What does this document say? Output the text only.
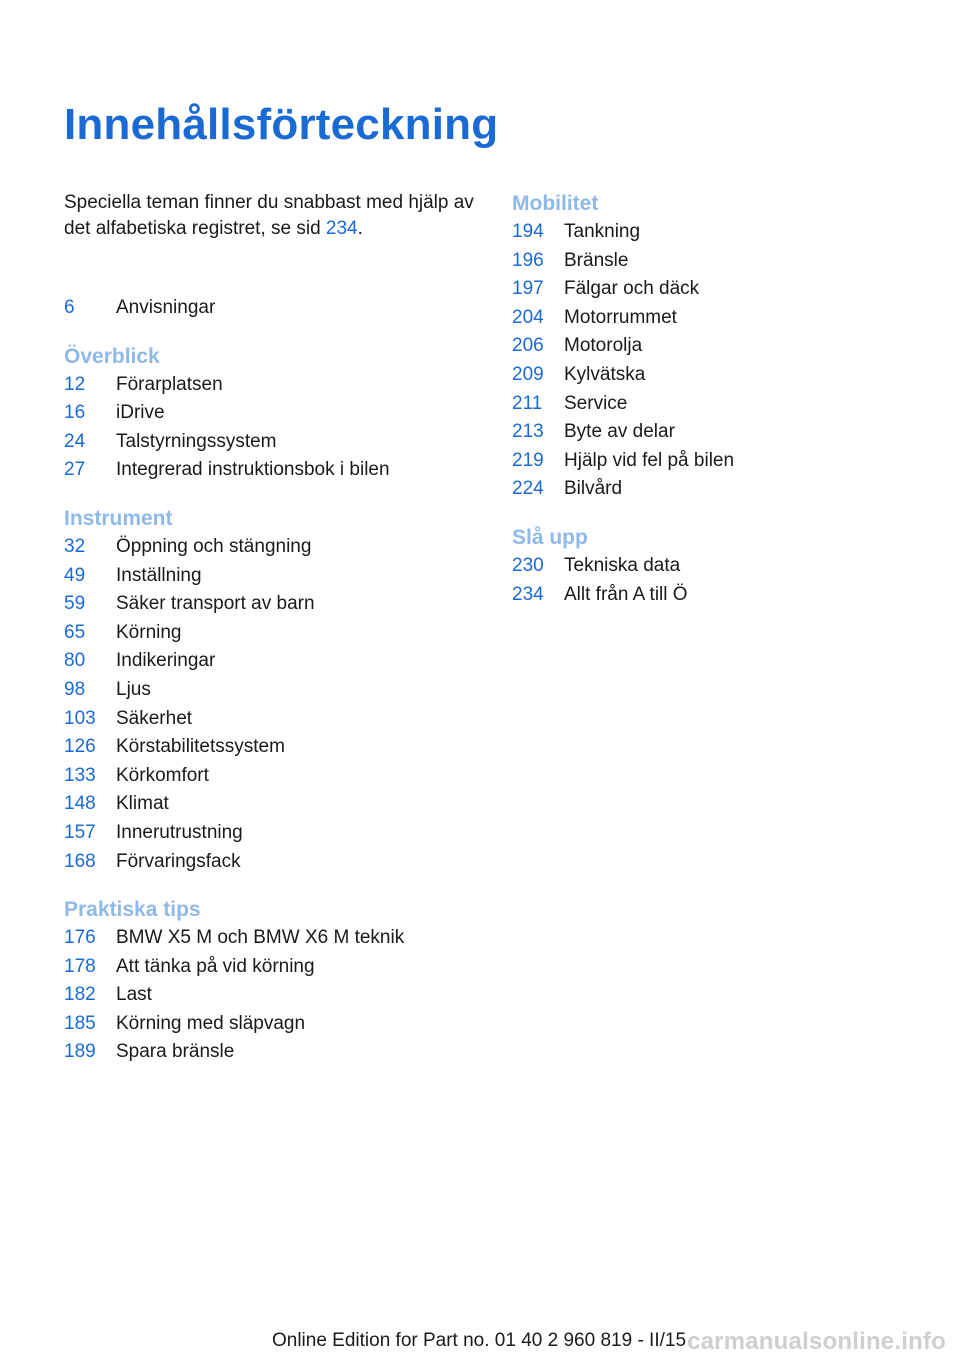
Innehållsförteckning
Speciella teman finner du snabbast med hjälp av det alfabetiska registret, se sid 234.
6	Anvisningar
Överblick
12	Förarplatsen
16	iDrive
24	Talstyrningssystem
27	Integrerad instruktionsbok i bilen
Instrument
32	Öppning och stängning
49	Inställning
59	Säker transport av barn
65	Körning
80	Indikeringar
98	Ljus
103	Säkerhet
126	Körstabilitetssystem
133	Körkomfort
148	Klimat
157	Innerutrustning
168	Förvaringsfack
Praktiska tips
176	BMW X5 M och BMW X6 M teknik
178	Att tänka på vid körning
182	Last
185	Körning med släpvagn
189	Spara bränsle
Mobilitet
194	Tankning
196	Bränsle
197	Fälgar och däck
204	Motorrummet
206	Motorolja
209	Kylvätska
211	Service
213	Byte av delar
219	Hjälp vid fel på bilen
224	Bilvård
Slå upp
230	Tekniska data
234	Allt från A till Ö
Online Edition for Part no. 01 40 2 960 819 - II/15 carmanualsonline.info
